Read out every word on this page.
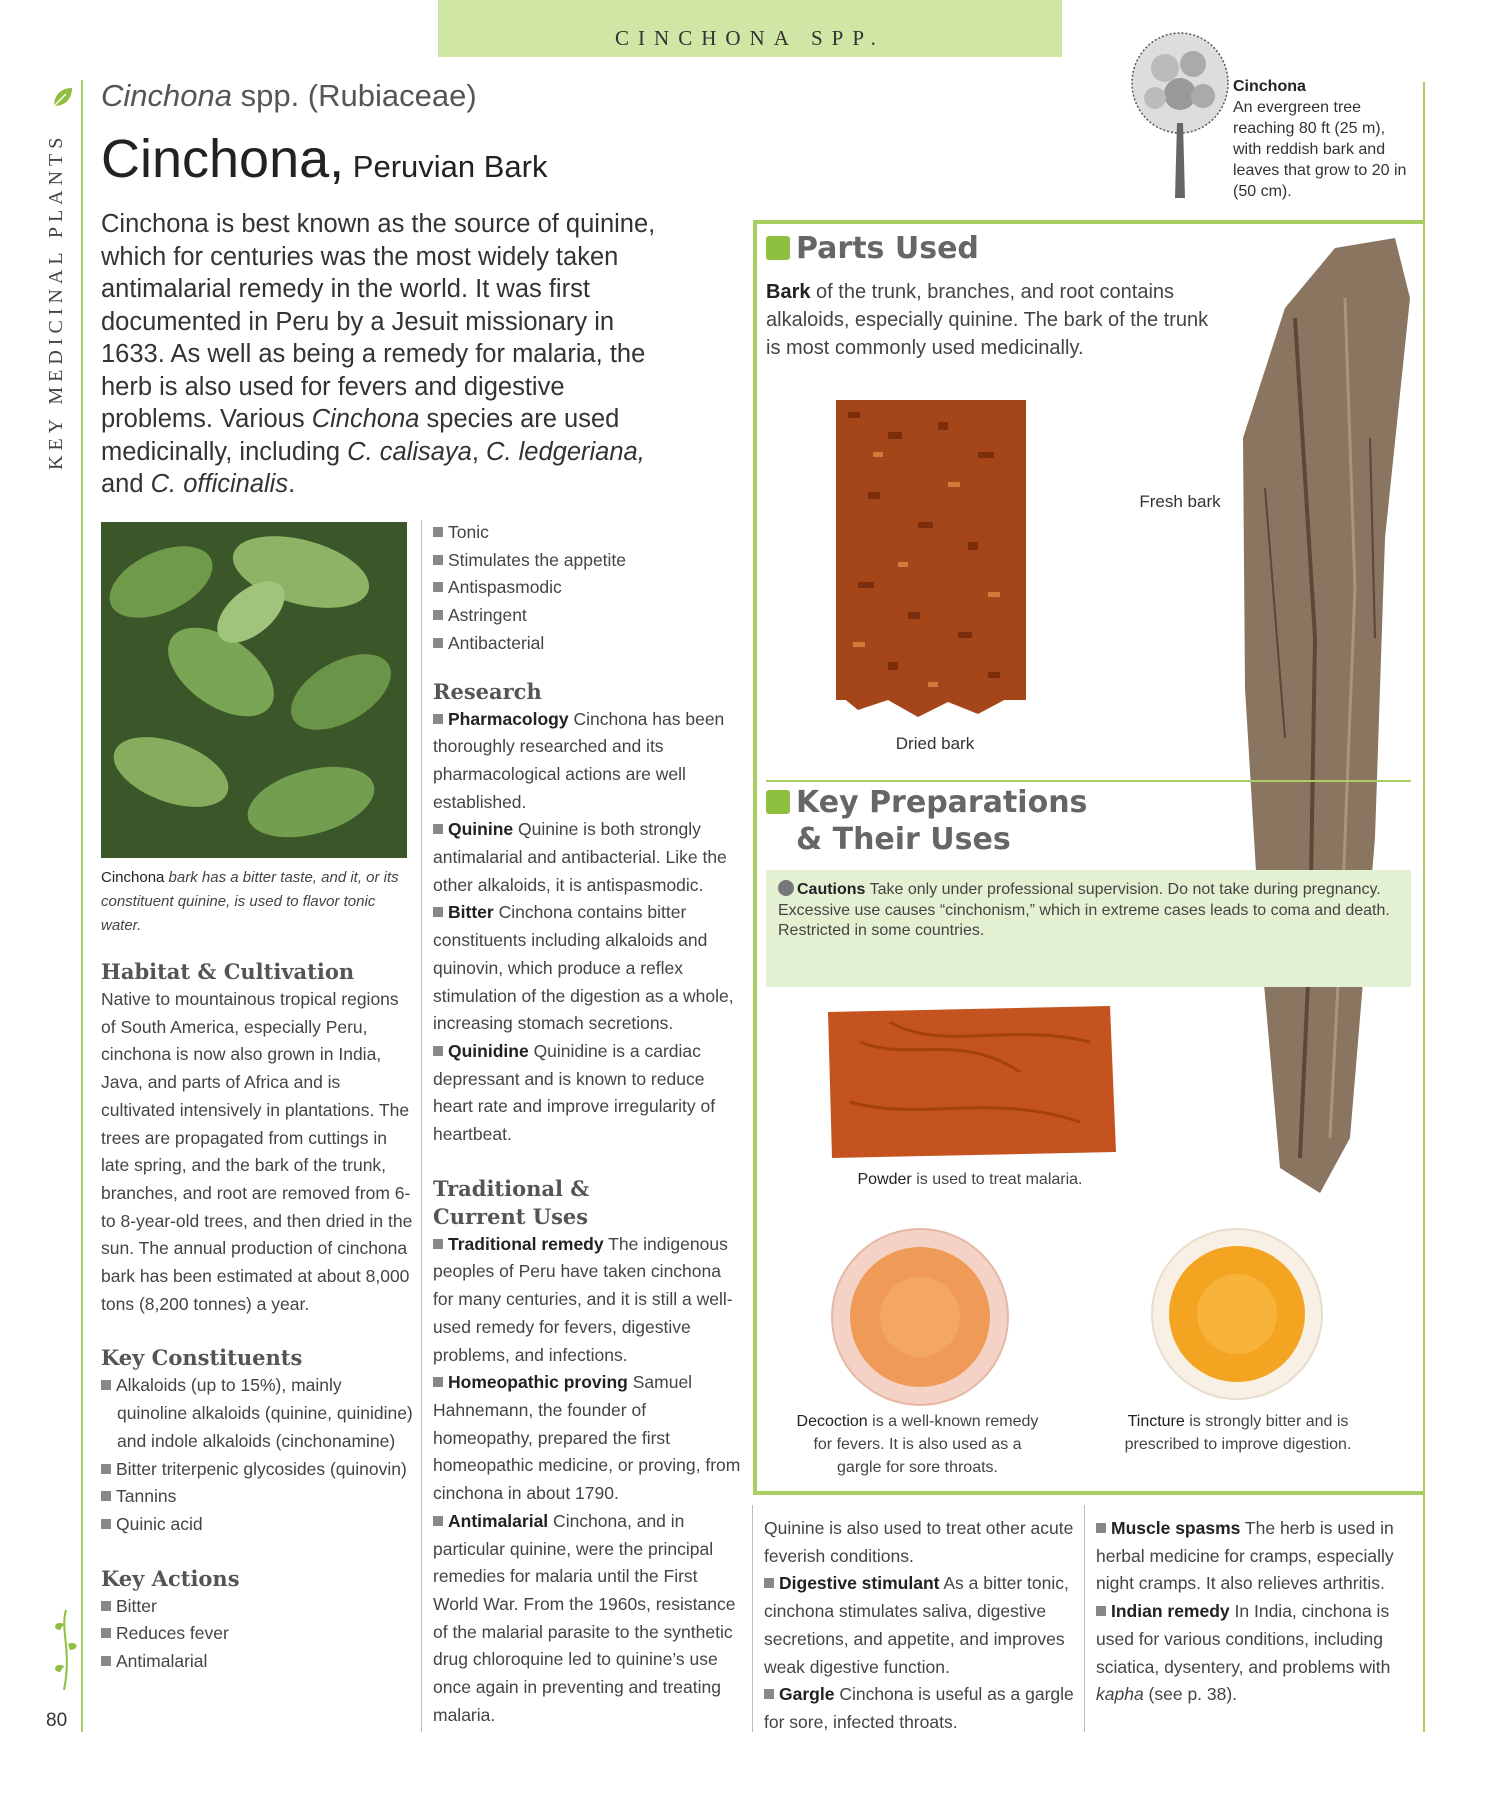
CINCHONA SPP.
KEY MEDICINAL PLANTS
80
Cinchona spp. (Rubiaceae)
Cinchona, Peruvian Bark
Cinchona is best known as the source of quinine, which for centuries was the most widely taken antimalarial remedy in the world. It was first documented in Peru by a Jesuit missionary in 1633. As well as being a remedy for malaria, the herb is also used for fevers and digestive problems. Various Cinchona species are used medicinally, including C. calisaya, C. ledgeriana, and C. officinalis.
Cinchona
An evergreen tree reaching 80 ft (25 m), with reddish bark and leaves that grow to 20 in (50 cm).
Cinchona bark has a bitter taste, and it, or its constituent quinine, is used to flavor tonic water.
Habitat & Cultivation
Native to mountainous tropical regions of South America, especially Peru, cinchona is now also grown in India, Java, and parts of Africa and is cultivated intensively in plantations. The trees are propagated from cuttings in late spring, and the bark of the trunk, branches, and root are removed from 6- to 8-year-old trees, and then dried in the sun. The annual production of cinchona bark has been estimated at about 8,000 tons (8,200 tonnes) a year.
Key Constituents
Alkaloids (up to 15%), mainly quinoline alkaloids (quinine, quinidine) and indole alkaloids (cinchonamine)
Bitter triterpenic glycosides (quinovin)
Tannins
Quinic acid
Key Actions
Bitter
Reduces fever
Antimalarial
Tonic
Stimulates the appetite
Antispasmodic
Astringent
Antibacterial
Research
Pharmacology Cinchona has been thoroughly researched and its pharmacological actions are well established.
Quinine Quinine is both strongly antimalarial and antibacterial. Like the other alkaloids, it is antispasmodic.
Bitter Cinchona contains bitter constituents including alkaloids and quinovin, which produce a reflex stimulation of the digestion as a whole, increasing stomach secretions.
Quinidine Quinidine is a cardiac depressant and is known to reduce heart rate and improve irregularity of heartbeat.
Traditional &
Current Uses
Traditional remedy The indigenous peoples of Peru have taken cinchona for many centuries, and it is still a well-used remedy for fevers, digestive problems, and infections.
Homeopathic proving Samuel Hahnemann, the founder of homeopathy, prepared the first homeopathic medicine, or proving, from cinchona in about 1790.
Antimalarial Cinchona, and in particular quinine, were the principal remedies for malaria until the First World War. From the 1960s, resistance of the malarial parasite to the synthetic drug chloroquine led to quinine’s use once again in preventing and treating malaria.
Quinine is also used to treat other acute feverish conditions.
Digestive stimulant As a bitter tonic, cinchona stimulates saliva, digestive secretions, and appetite, and improves weak digestive function.
Gargle Cinchona is useful as a gargle for sore, infected throats.
Muscle spasms The herb is used in herbal medicine for cramps, especially night cramps. It also relieves arthritis.
Indian remedy In India, cinchona is used for various conditions, including sciatica, dysentery, and problems with kapha (see p. 38).
Parts Used
Bark of the trunk, branches, and root contains alkaloids, especially quinine. The bark of the trunk is most commonly used medicinally.
Dried bark
Fresh bark
Key Preparations
& Their Uses
Cautions Take only under professional supervision. Do not take during pregnancy. Excessive use causes “cinchonism,” which in extreme cases leads to coma and death. Restricted in some countries.
Powder is used to treat malaria.
Decoction is a well-known remedy for fevers. It is also used as a gargle for sore throats.
Tincture is strongly bitter and is prescribed to improve digestion.
